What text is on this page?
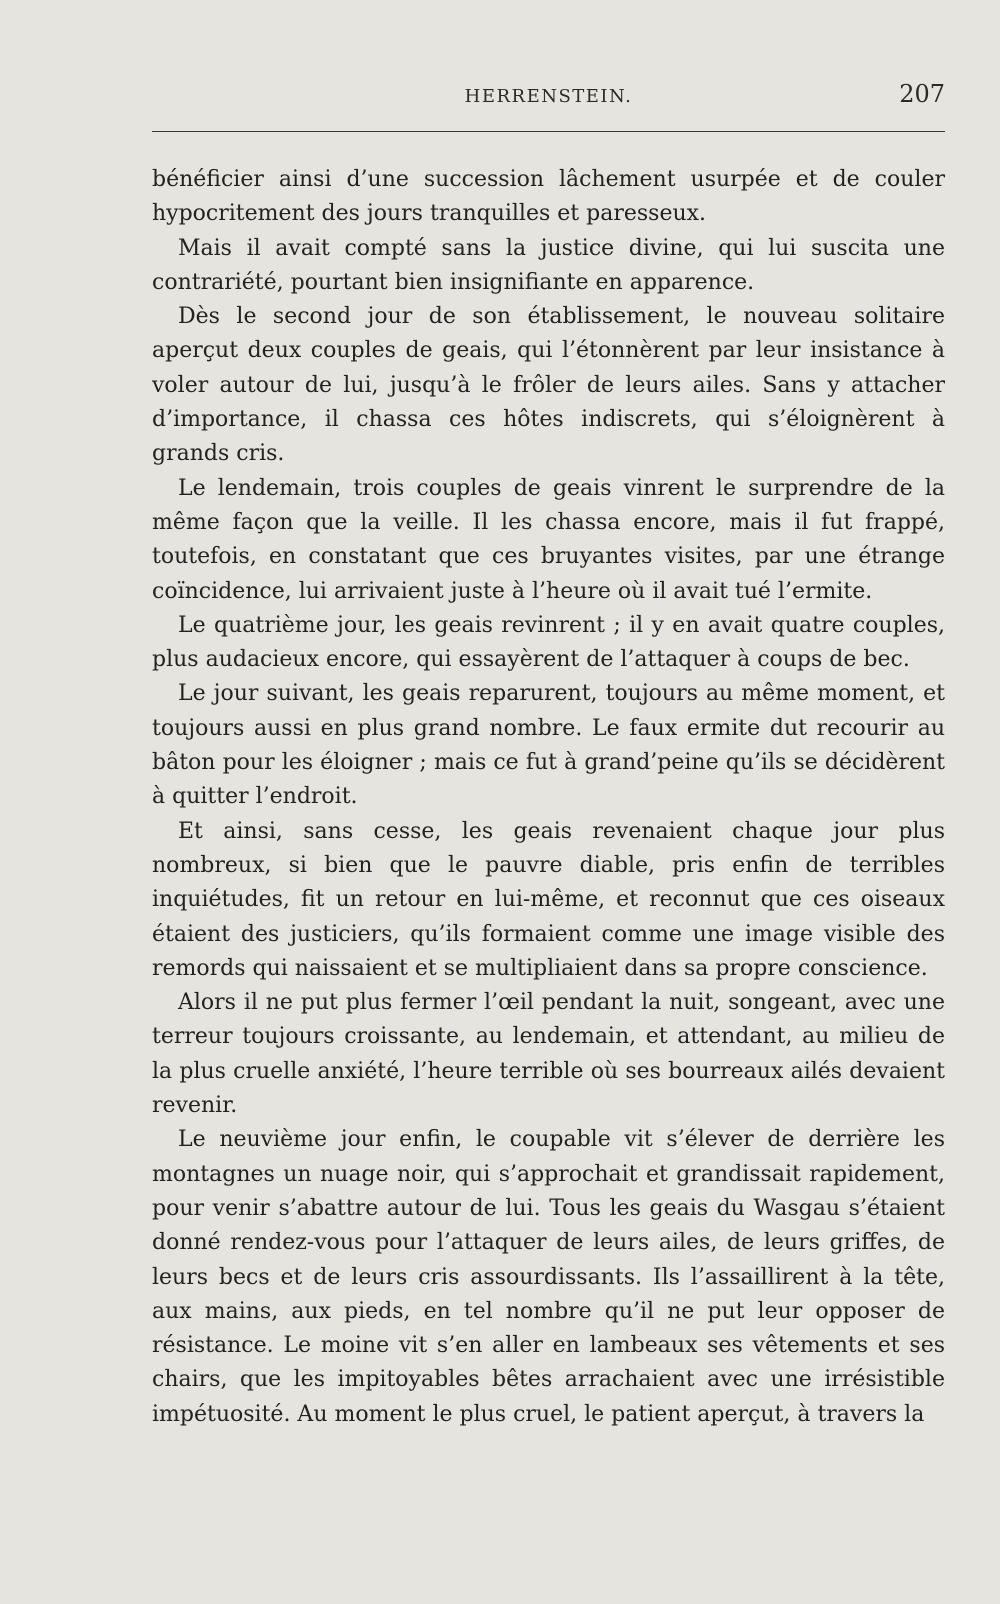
HERRENSTEIN.	207

bénéficier ainsi d’une succession lâchement usurpée et de couler hypocritement des jours tranquilles et paresseux.

Mais il avait compté sans la justice divine, qui lui suscita une contrariété, pourtant bien insignifiante en apparence.

Dès le second jour de son établissement, le nouveau solitaire aperçut deux couples de geais, qui l’étonnèrent par leur insistance à voler autour de lui, jusqu’à le frôler de leurs ailes. Sans y attacher d’importance, il chassa ces hôtes indiscrets, qui s’éloignèrent à grands cris.

Le lendemain, trois couples de geais vinrent le surprendre de la même façon que la veille. Il les chassa encore, mais il fut frappé, toutefois, en constatant que ces bruyantes visites, par une étrange coïncidence, lui arrivaient juste à l’heure où il avait tué l’ermite.

Le quatrième jour, les geais revinrent ; il y en avait quatre couples, plus audacieux encore, qui essayèrent de l’attaquer à coups de bec.

Le jour suivant, les geais reparurent, toujours au même moment, et toujours aussi en plus grand nombre. Le faux ermite dut recourir au bâton pour les éloigner ; mais ce fut à grand’peine qu’ils se décidèrent à quitter l’endroit.

Et ainsi, sans cesse, les geais revenaient chaque jour plus nombreux, si bien que le pauvre diable, pris enfin de terribles inquiétudes, fit un retour en lui-même, et reconnut que ces oiseaux étaient des justiciers, qu’ils formaient comme une image visible des remords qui naissaient et se multipliaient dans sa propre conscience.

Alors il ne put plus fermer l’œil pendant la nuit, songeant, avec une terreur toujours croissante, au lendemain, et attendant, au milieu de la plus cruelle anxiété, l’heure terrible où ses bourreaux ailés devaient revenir.

Le neuvième jour enfin, le coupable vit s’élever de derrière les montagnes un nuage noir, qui s’approchait et grandissait rapidement, pour venir s’abattre autour de lui. Tous les geais du Wasgau s’étaient donné rendez-vous pour l’attaquer de leurs ailes, de leurs griffes, de leurs becs et de leurs cris assourdissants. Ils l’assaillirent à la tête, aux mains, aux pieds, en tel nombre qu’il ne put leur opposer de résistance. Le moine vit s’en aller en lambeaux ses vêtements et ses chairs, que les impitoyables bêtes arrachaient avec une irrésistible impétuosité. Au moment le plus cruel, le patient aperçut, à travers la
